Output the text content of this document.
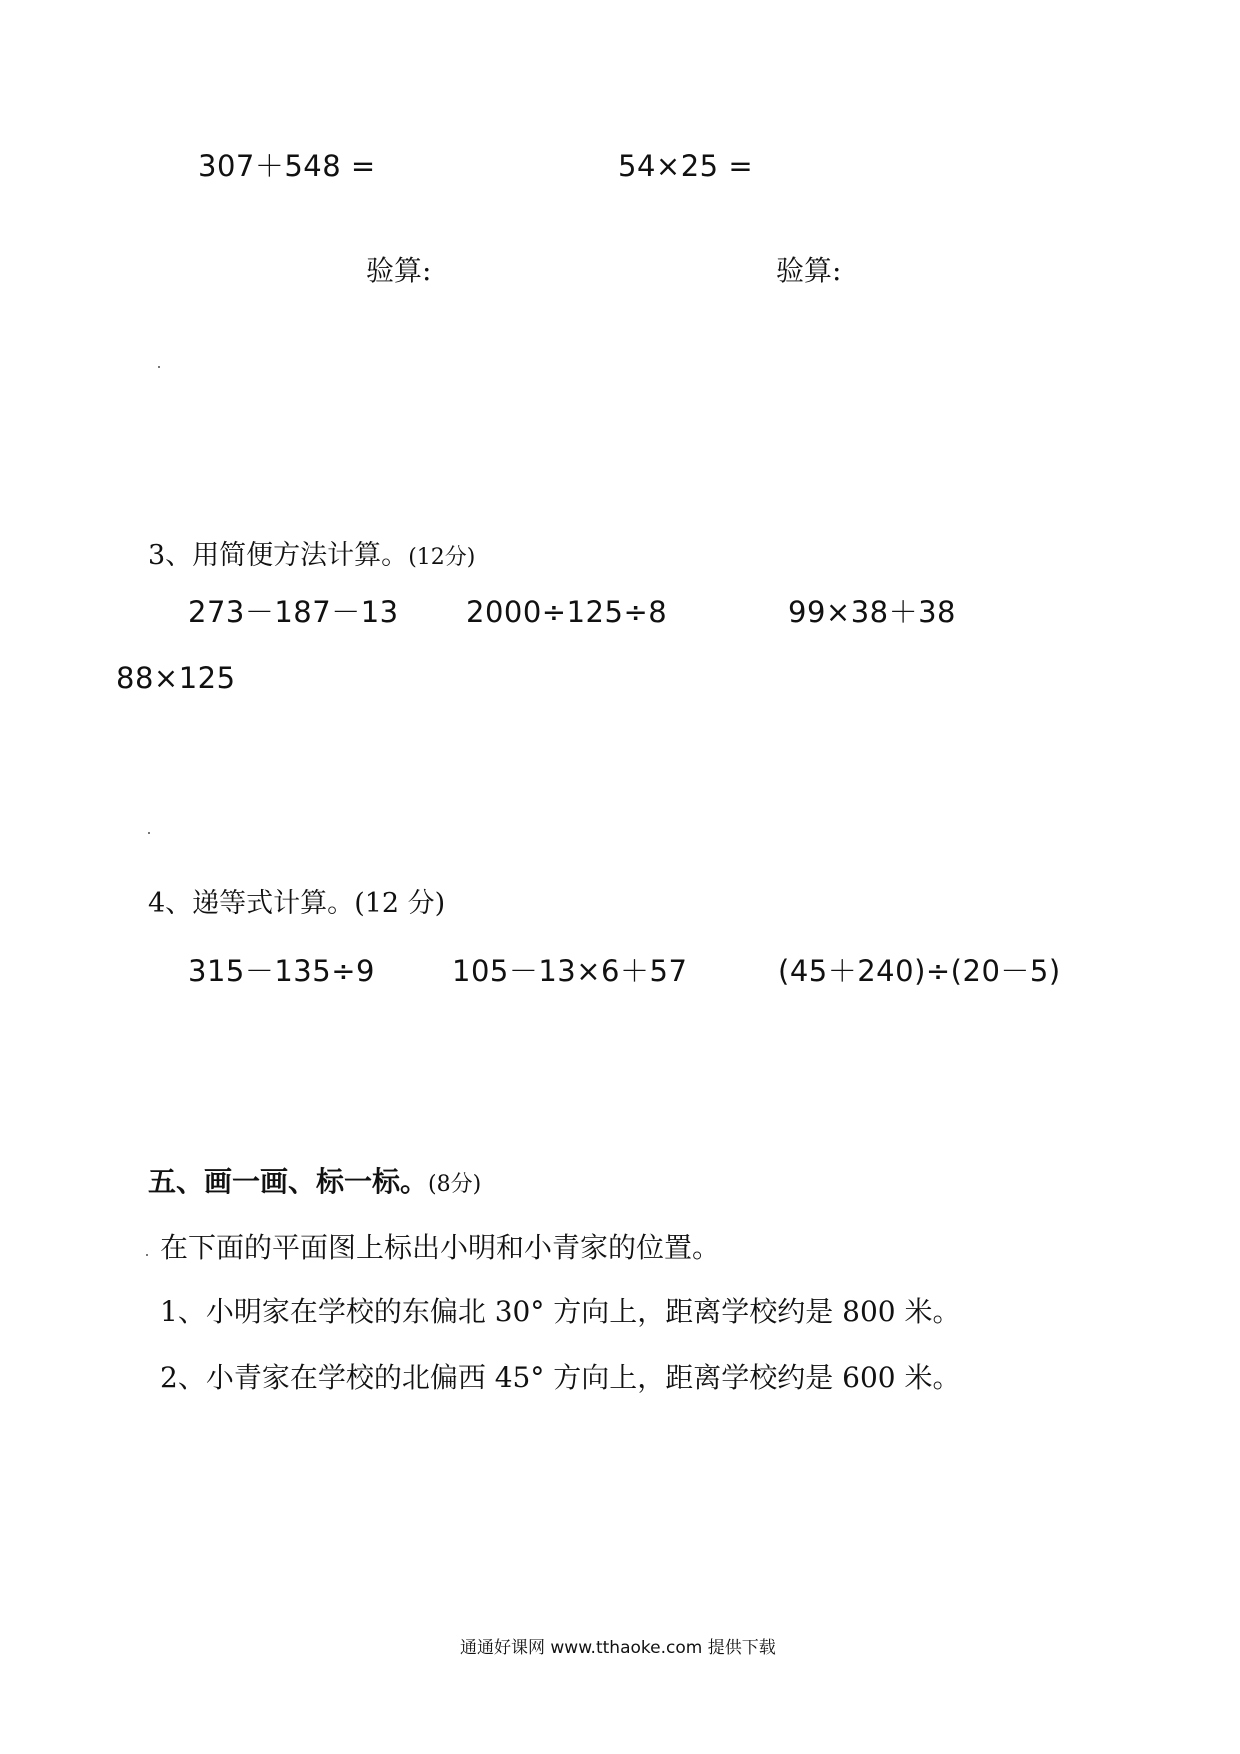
307＋548 =	54×25 =
验算:	验算:
3、用简便方法计算。(12分)
273－187－13 2000÷125÷8	99×38＋38
88×125
4、递等式计算。(12 分)
315－135÷9	105－13×6＋57	(45＋240)÷(20－5)
五、画一画、标一标。(8分)
在下面的平面图上标出小明和小青家的位置。
1、小明家在学校的东偏北 30° 方向上，距离学校约是 800 米。
2、小青家在学校的北偏西 45° 方向上，距离学校约是 600 米。
通通好课网 www.tthaoke.com 提供下载
